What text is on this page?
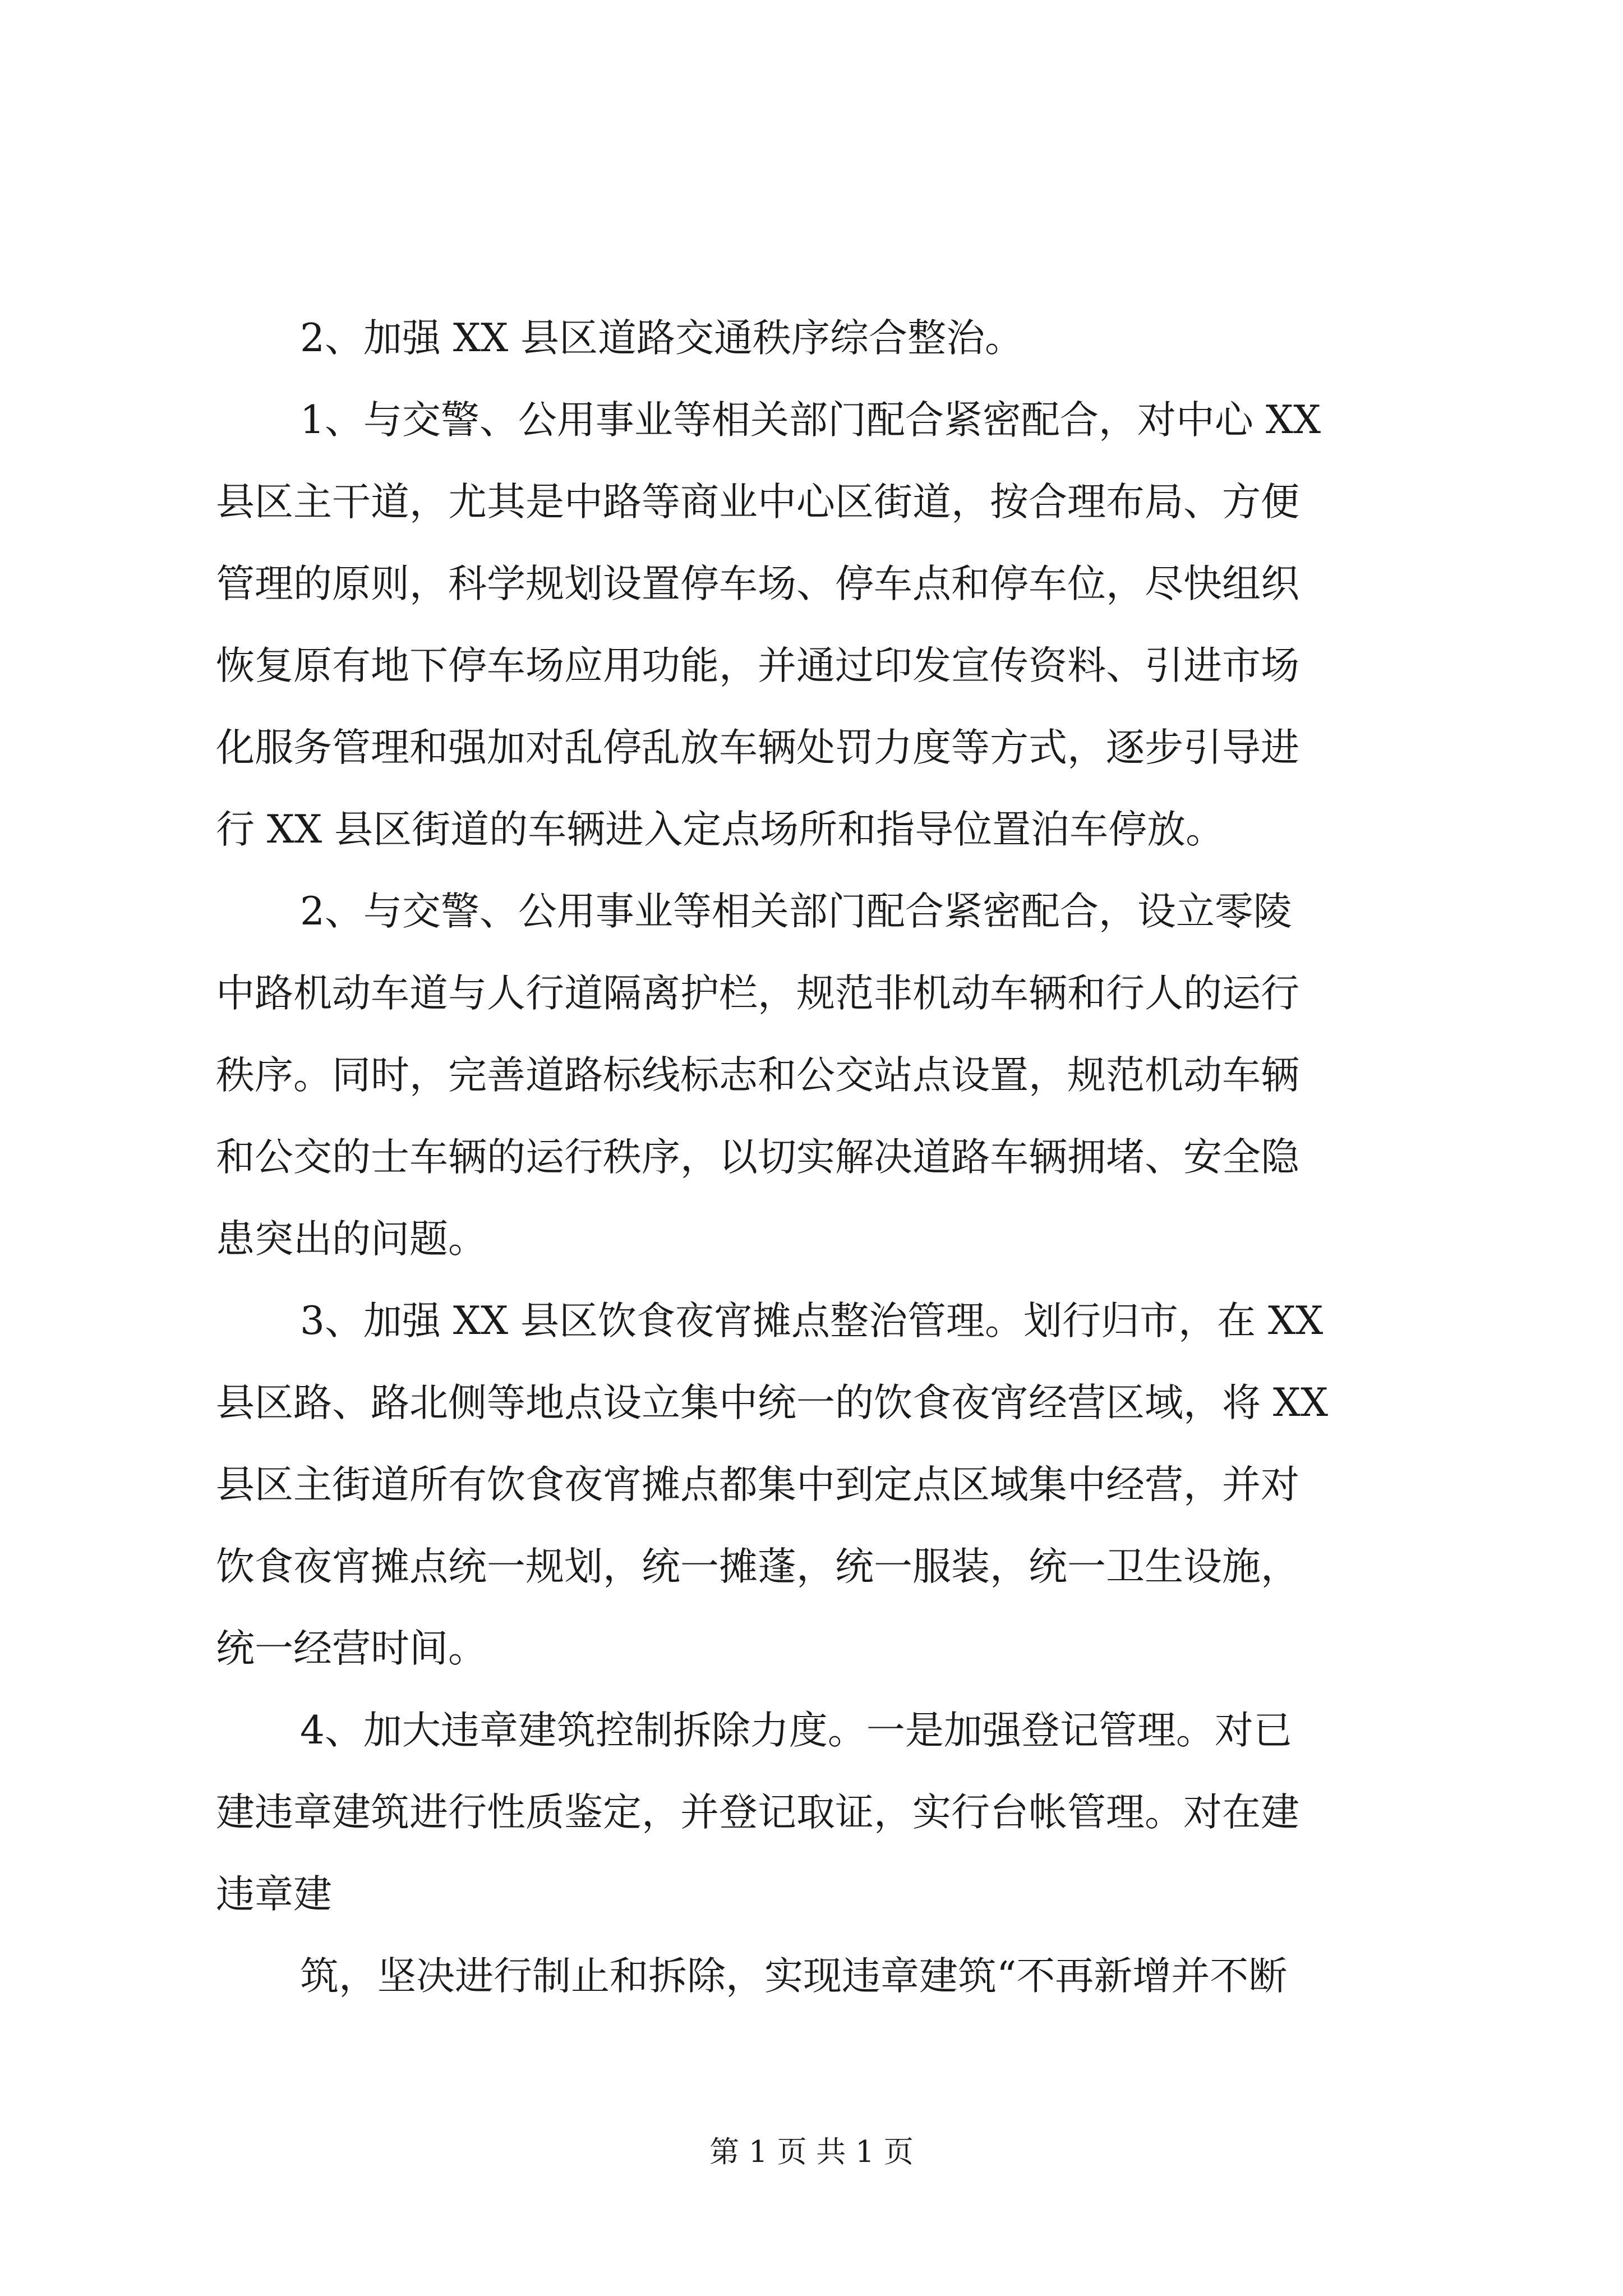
2、加强 XX 县区道路交通秩序综合整治。
1、与交警、公用事业等相关部门配合紧密配合，对中心 XX
县区主干道，尤其是中路等商业中心区街道，按合理布局、方便
管理的原则，科学规划设置停车场、停车点和停车位，尽快组织
恢复原有地下停车场应用功能，并通过印发宣传资料、引进市场
化服务管理和强加对乱停乱放车辆处罚力度等方式，逐步引导进
行 XX 县区街道的车辆进入定点场所和指导位置泊车停放。
2、与交警、公用事业等相关部门配合紧密配合，设立零陵
中路机动车道与人行道隔离护栏，规范非机动车辆和行人的运行
秩序。同时，完善道路标线标志和公交站点设置，规范机动车辆
和公交的士车辆的运行秩序，以切实解决道路车辆拥堵、安全隐
患突出的问题。
3、加强 XX 县区饮食夜宵摊点整治管理。划行归市，在 XX
县区路、路北侧等地点设立集中统一的饮食夜宵经营区域，将 XX
县区主街道所有饮食夜宵摊点都集中到定点区域集中经营，并对
饮食夜宵摊点统一规划，统一摊蓬，统一服装，统一卫生设施，
统一经营时间。
4、加大违章建筑控制拆除力度。一是加强登记管理。对已
建违章建筑进行性质鉴定，并登记取证，实行台帐管理。对在建
违章建
筑，坚决进行制止和拆除，实现违章建筑“不再新增并不断
第 1 页 共 1 页
